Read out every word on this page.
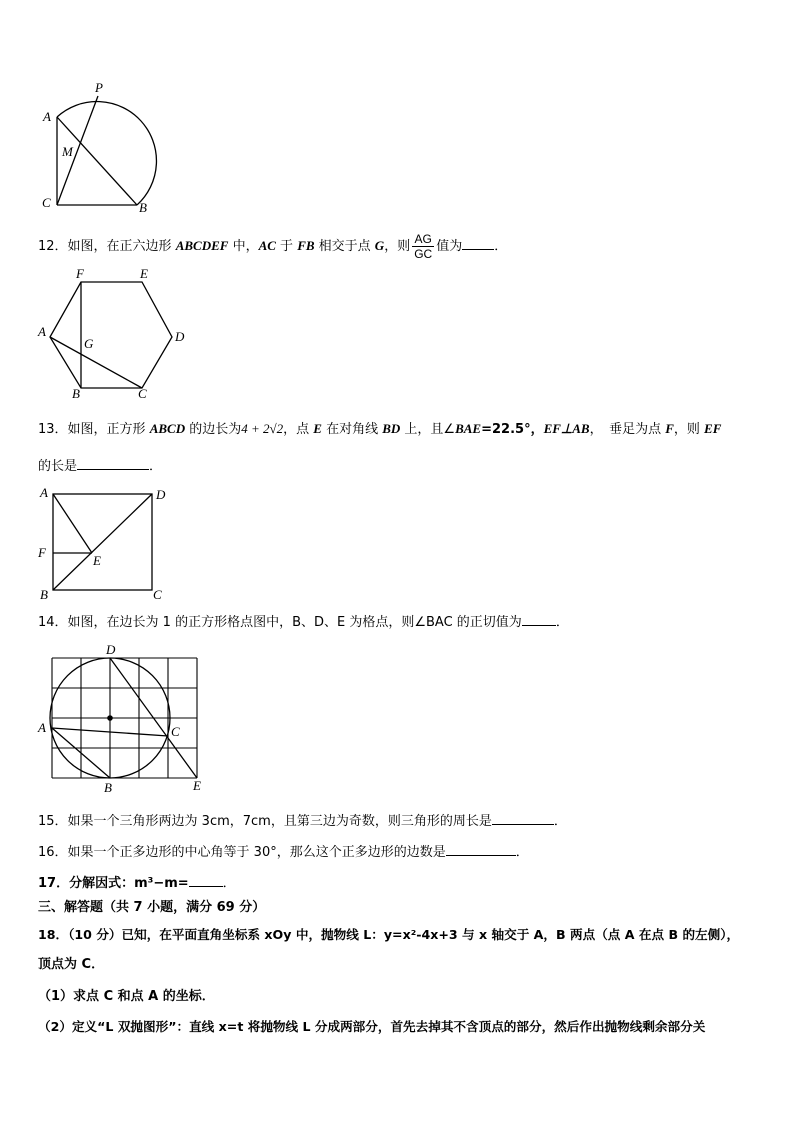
A
P
M
C	B
12．如图，在正六边形 ABCDEF 中，AC 于 FB 相交于点 G，则 $\frac{AG}{GC}$ 值为 ．
F	E
A	D
G
B	C
13．如图，正方形 ABCD 的边长为4 + 2√2，点 E 在对角线 BD 上，且∠BAE=22.5°，EF⊥AB，　垂足为点 F，则 EF
的长是	．
A	D
F
E
B	C
14．如图，在边长为 1 的正方形格点图中，B、D、E 为格点，则∠BAC 的正切值为	．
D
A	C
B	E
15．如果一个三角形两边为 3cm，7cm，且第三边为奇数，则三角形的周长是	．
16．如果一个正多边形的中心角等于 30°，那么这个正多边形的边数是	．
17．分解因式：m³−m=	．
三、解答题（共 7 小题，满分 69 分）
18．（10 分）已知，在平面直角坐标系 xOy 中，抛物线 L：y=x²-4x+3 与 x 轴交于 A，B 两点（点 A 在点 B 的左侧），
顶点为 C．
（1）求点 C 和点 A 的坐标．
（2）定义“L 双抛图形”：直线 x=t 将抛物线 L 分成两部分，首先去掉其不含顶点的部分，然后作出抛物线剩余部分关
